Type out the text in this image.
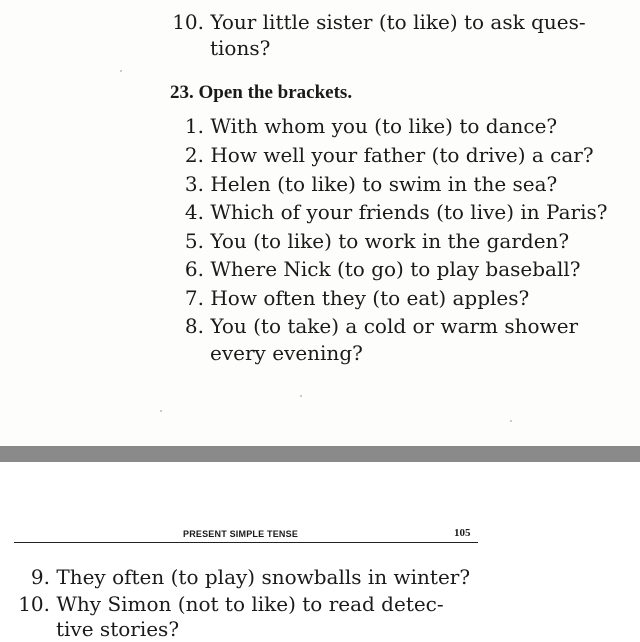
10. Your little sister (to like) to ask ques-
tions?
23. Open the brackets.
1. With whom you (to like) to dance?
2. How well your father (to drive) a car?
3. Helen (to like) to swim in the sea?
4. Which of your friends (to live) in Paris?
5. You (to like) to work in the garden?
6. Where Nick (to go) to play baseball?
7. How often they (to eat) apples?
8. You (to take) a cold or warm shower
every evening?
PRESENT SIMPLE TENSE	105
9. They often (to play) snowballs in winter?
10. Why Simon (not to like) to read detec-
tive stories?
